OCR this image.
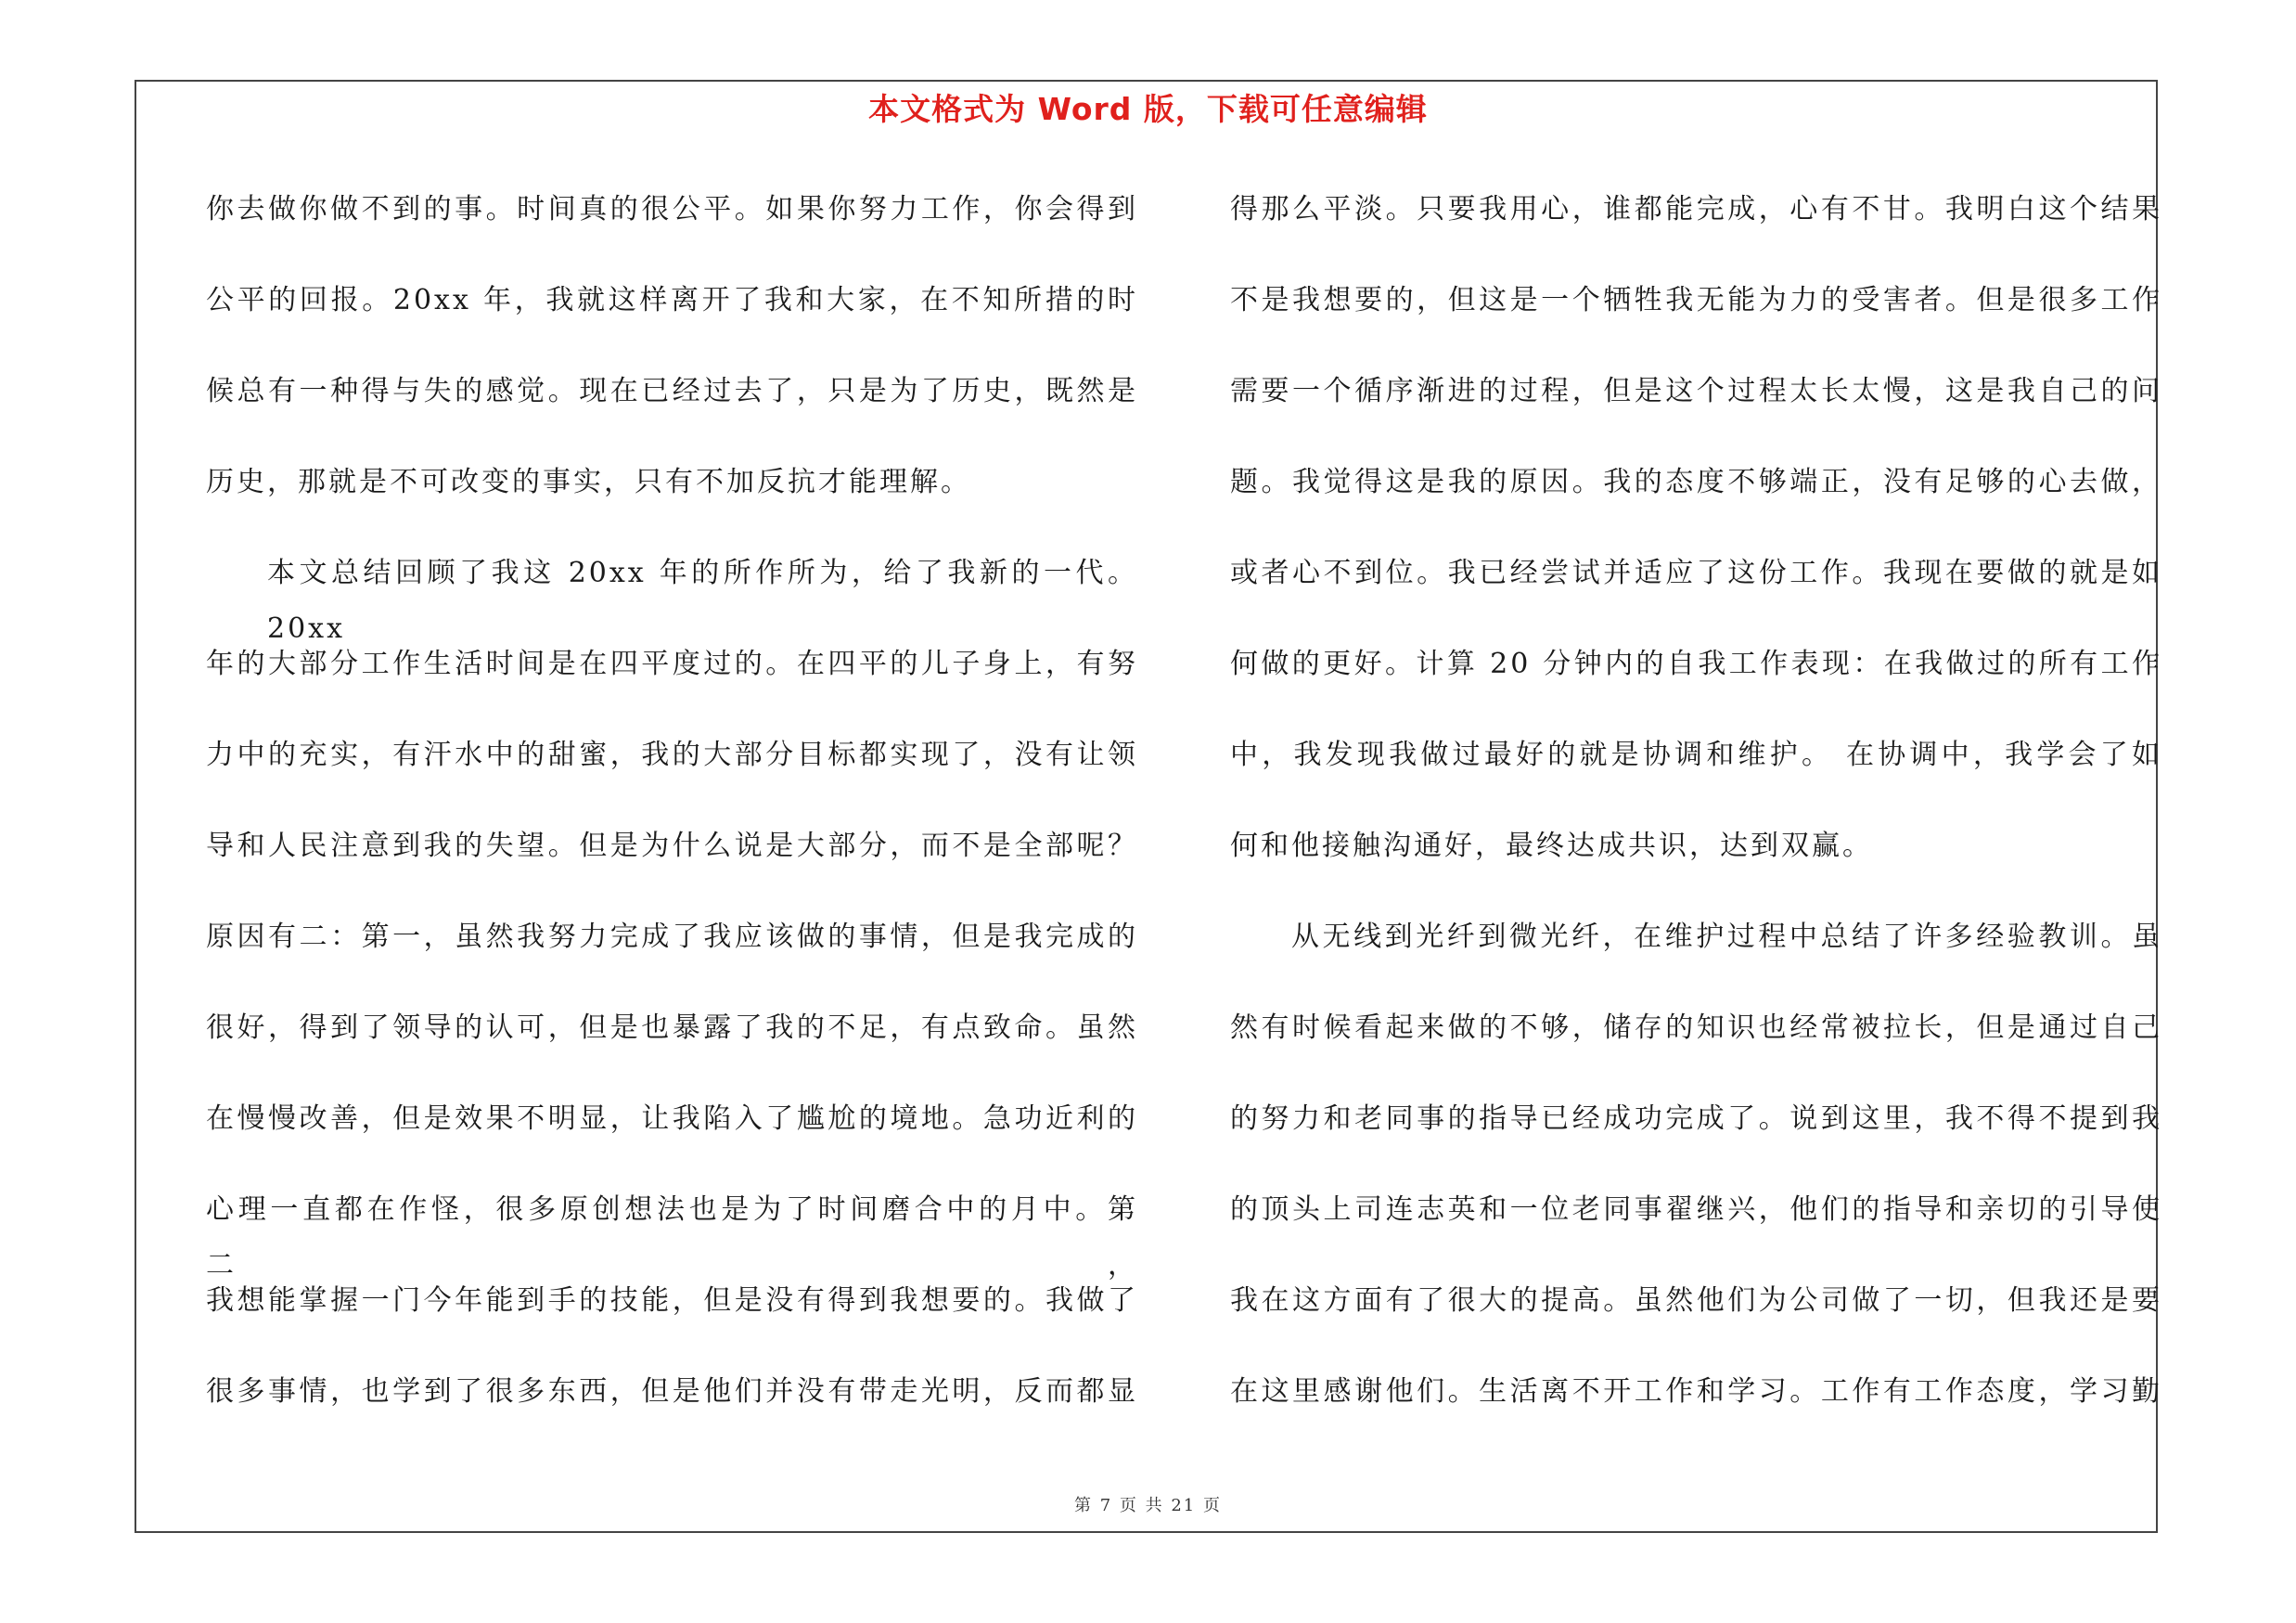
本文格式为 Word 版，下载可任意编辑
你去做你做不到的事。时间真的很公平。如果你努力工作，你会得到
公平的回报。20xx 年，我就这样离开了我和大家，在不知所措的时
候总有一种得与失的感觉。现在已经过去了，只是为了历史，既然是
历史，那就是不可改变的事实，只有不加反抗才能理解。
本文总结回顾了我这 20xx 年的所作所为，给了我新的一代。20xx
年的大部分工作生活时间是在四平度过的。在四平的儿子身上，有努
力中的充实，有汗水中的甜蜜，我的大部分目标都实现了，没有让领
导和人民注意到我的失望。但是为什么说是大部分，而不是全部呢？
原因有二：第一，虽然我努力完成了我应该做的事情，但是我完成的
很好，得到了领导的认可，但是也暴露了我的不足，有点致命。虽然
在慢慢改善，但是效果不明显，让我陷入了尴尬的境地。急功近利的
心理一直都在作怪，很多原创想法也是为了时间磨合中的月中。第二，
我想能掌握一门今年能到手的技能，但是没有得到我想要的。我做了
很多事情，也学到了很多东西，但是他们并没有带走光明，反而都显
得那么平淡。只要我用心，谁都能完成，心有不甘。我明白这个结果
不是我想要的，但这是一个牺牲我无能为力的受害者。但是很多工作
需要一个循序渐进的过程，但是这个过程太长太慢，这是我自己的问
题。我觉得这是我的原因。我的态度不够端正，没有足够的心去做，
或者心不到位。我已经尝试并适应了这份工作。我现在要做的就是如
何做的更好。计算 20 分钟内的自我工作表现：在我做过的所有工作
中，我发现我做过最好的就是协调和维护。 在协调中，我学会了如
何和他接触沟通好，最终达成共识，达到双赢。
从无线到光纤到微光纤，在维护过程中总结了许多经验教训。虽
然有时候看起来做的不够，储存的知识也经常被拉长，但是通过自己
的努力和老同事的指导已经成功完成了。说到这里，我不得不提到我
的顶头上司连志英和一位老同事翟继兴，他们的指导和亲切的引导使
我在这方面有了很大的提高。虽然他们为公司做了一切，但我还是要
在这里感谢他们。生活离不开工作和学习。工作有工作态度，学习勤
第 7 页 共 21 页
